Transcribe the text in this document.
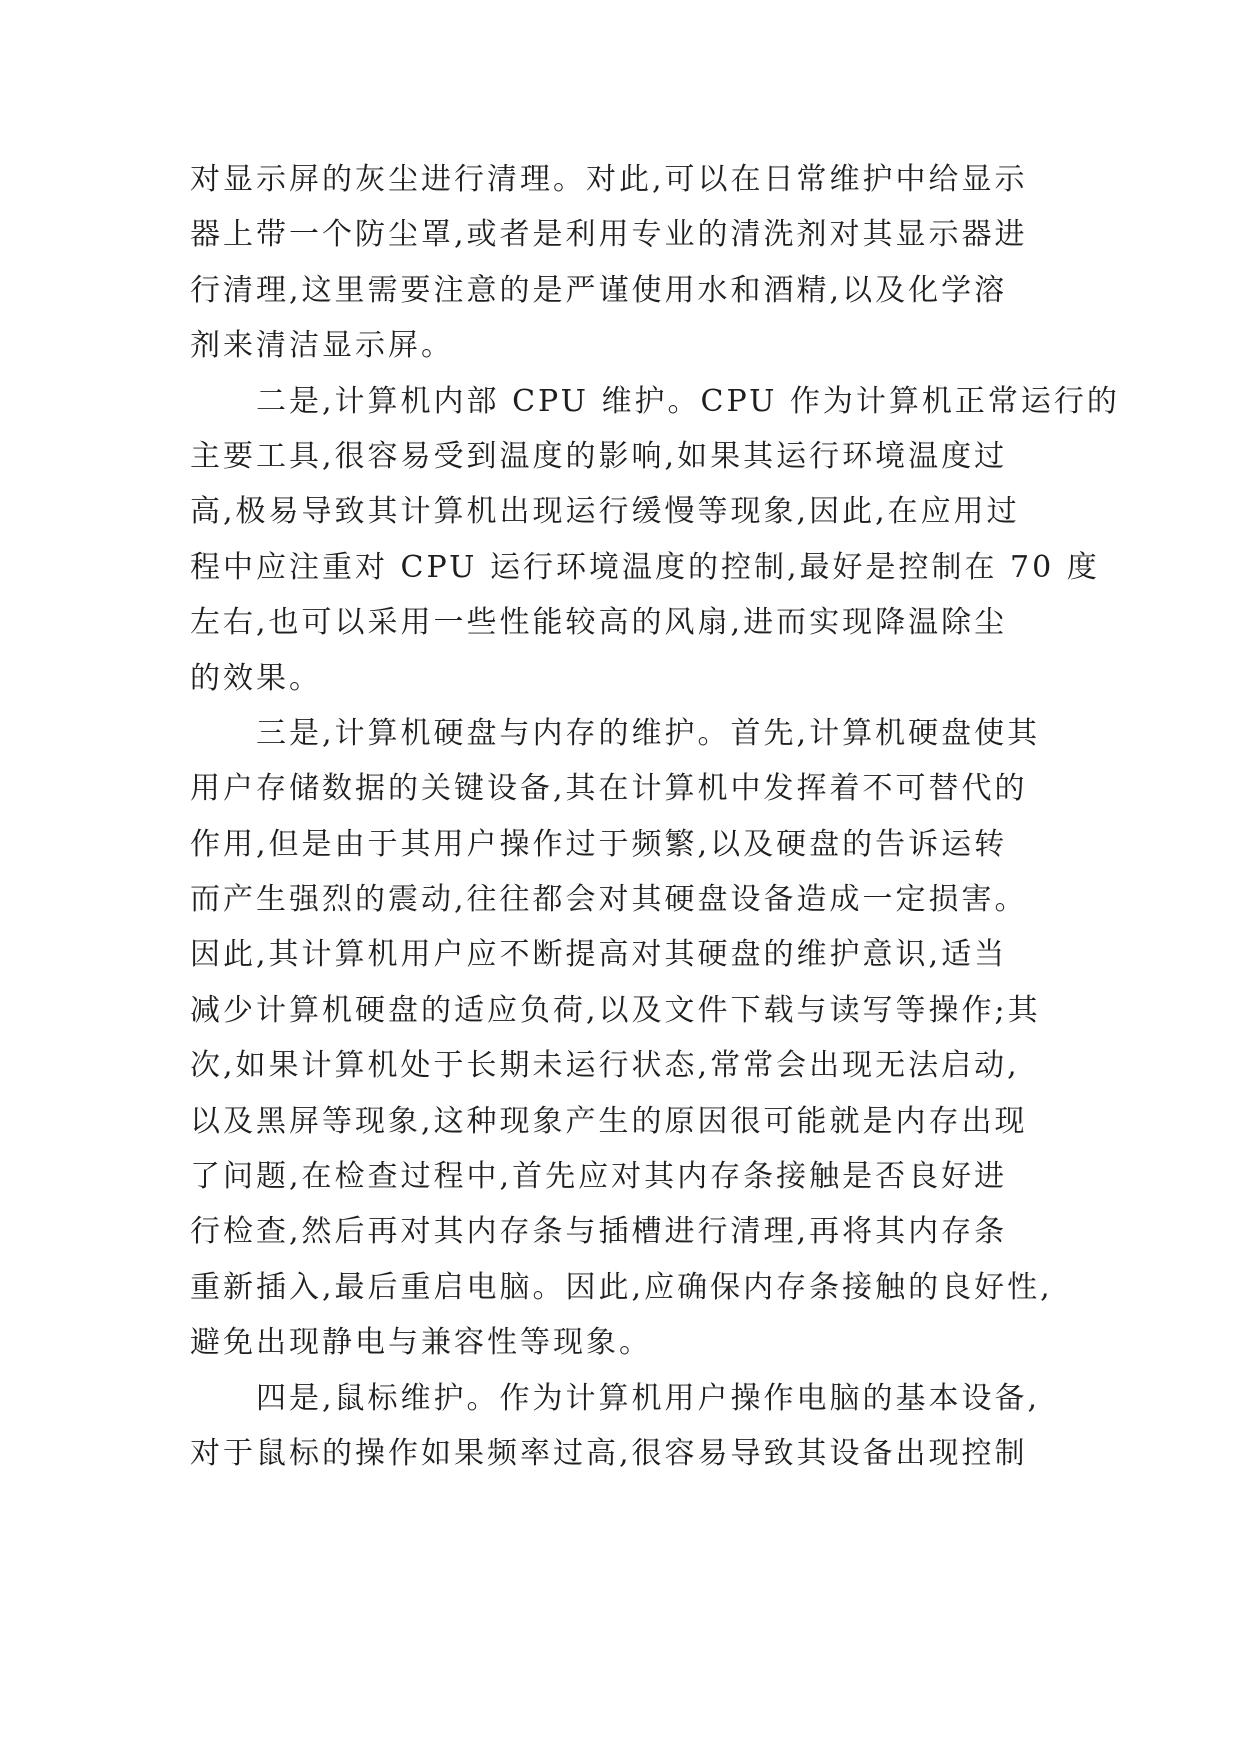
对显示屏的灰尘进行清理。对此,可以在日常维护中给显示
器上带一个防尘罩,或者是利用专业的清洗剂对其显示器进
行清理,这里需要注意的是严谨使用水和酒精,以及化学溶
剂来清洁显示屏。
二是,计算机内部 CPU 维护。CPU 作为计算机正常运行的
主要工具,很容易受到温度的影响,如果其运行环境温度过
高,极易导致其计算机出现运行缓慢等现象,因此,在应用过
程中应注重对 CPU 运行环境温度的控制,最好是控制在 70 度
左右,也可以采用一些性能较高的风扇,进而实现降温除尘
的效果。
三是,计算机硬盘与内存的维护。首先,计算机硬盘使其
用户存储数据的关键设备,其在计算机中发挥着不可替代的
作用,但是由于其用户操作过于频繁,以及硬盘的告诉运转
而产生强烈的震动,往往都会对其硬盘设备造成一定损害。
因此,其计算机用户应不断提高对其硬盘的维护意识,适当
减少计算机硬盘的适应负荷,以及文件下载与读写等操作;其
次,如果计算机处于长期未运行状态,常常会出现无法启动,
以及黑屏等现象,这种现象产生的原因很可能就是内存出现
了问题,在检查过程中,首先应对其内存条接触是否良好进
行检查,然后再对其内存条与插槽进行清理,再将其内存条
重新插入,最后重启电脑。因此,应确保内存条接触的良好性,
避免出现静电与兼容性等现象。
四是,鼠标维护。作为计算机用户操作电脑的基本设备,
对于鼠标的操作如果频率过高,很容易导致其设备出现控制
